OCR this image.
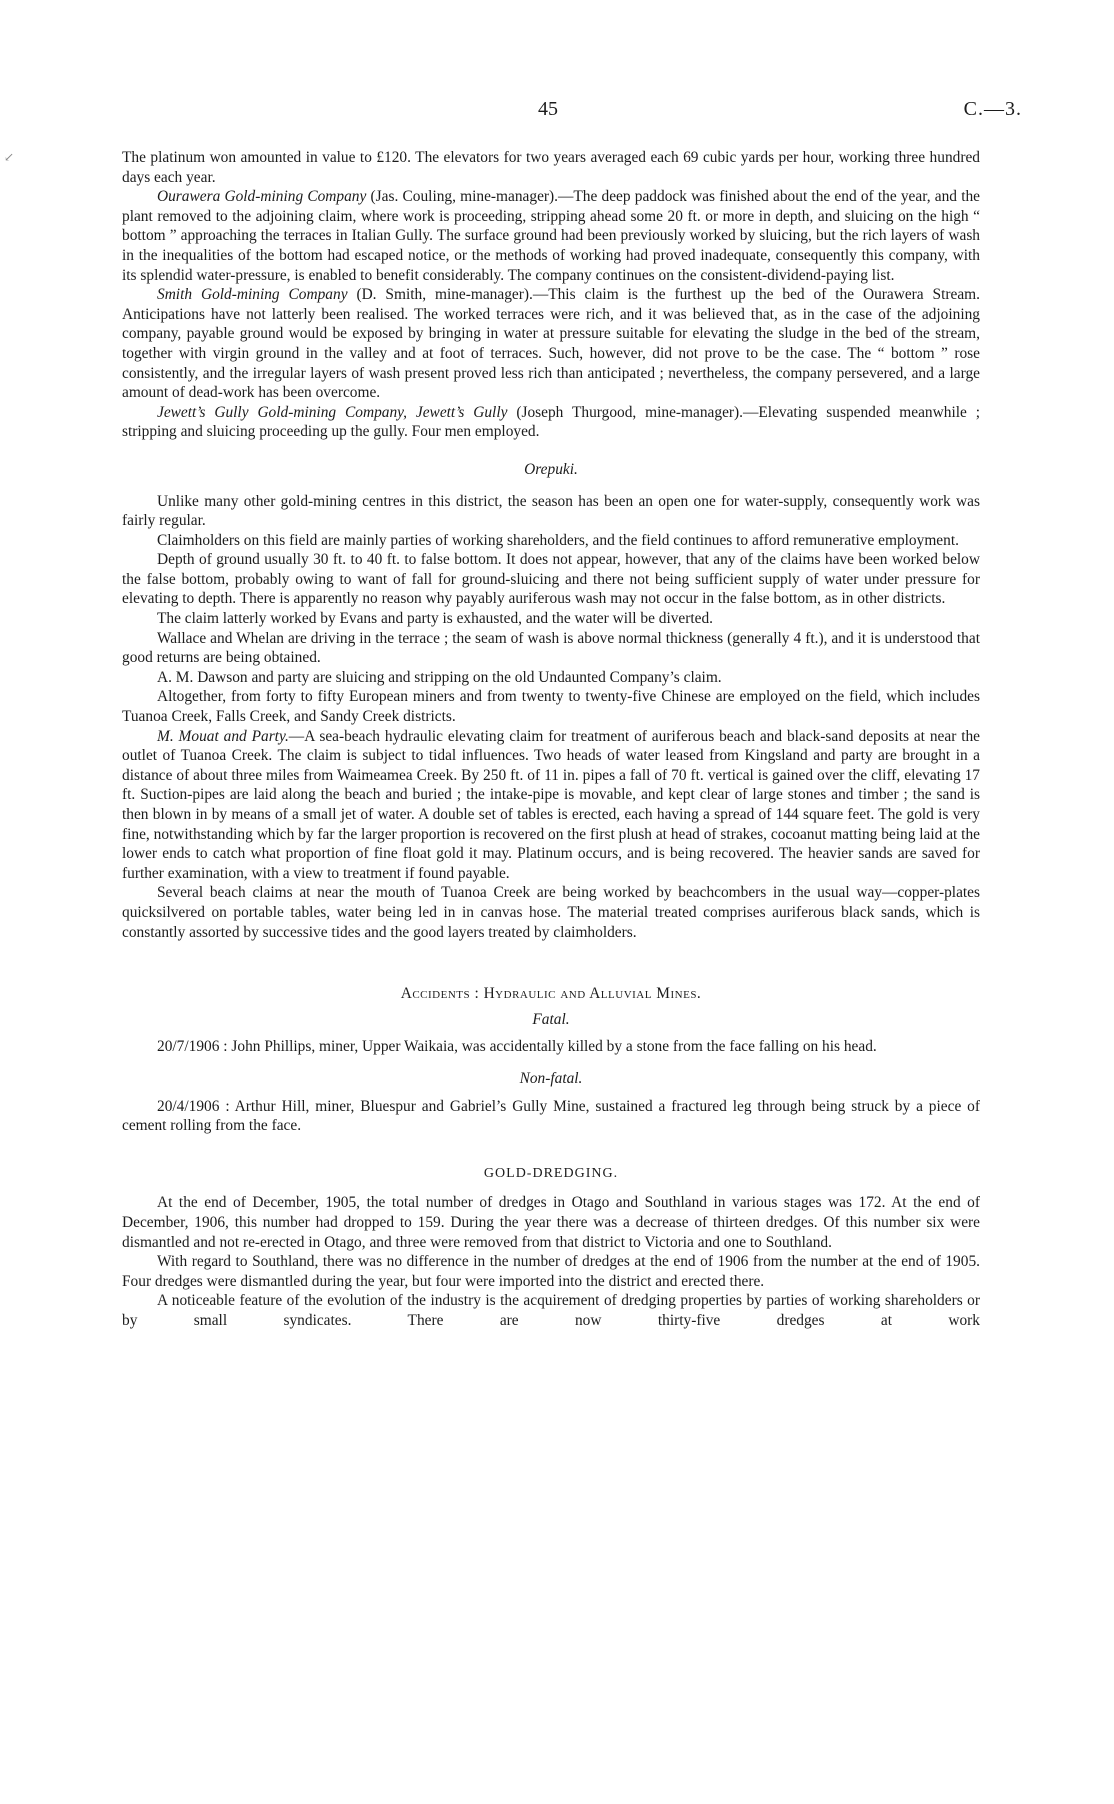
45	C.—3.
↙	The platinum won amounted in value to £120. The elevators for two years averaged each 69 cubic yards per hour, working three hundred days each year.

Ourawera Gold-mining Company (Jas. Couling, mine-manager).—The deep paddock was finished about the end of the year, and the plant removed to the adjoining claim, where work is proceeding, stripping ahead some 20 ft. or more in depth, and sluicing on the high “ bottom ” approaching the terraces in Italian Gully. The surface ground had been previously worked by sluicing, but the rich layers of wash in the inequalities of the bottom had escaped notice, or the methods of working had proved inadequate, consequently this company, with its splendid water-pressure, is enabled to benefit considerably. The company continues on the consistent-dividend-paying list.

Smith Gold-mining Company (D. Smith, mine-manager).—This claim is the furthest up the bed of the Ourawera Stream. Anticipations have not latterly been realised. The worked terraces were rich, and it was believed that, as in the case of the adjoining company, payable ground would be exposed by bringing in water at pressure suitable for elevating the sludge in the bed of the stream, together with virgin ground in the valley and at foot of terraces. Such, however, did not prove to be the case. The “ bottom ” rose consistently, and the irregular layers of wash present proved less rich than anticipated ; nevertheless, the company persevered, and a large amount of dead-work has been overcome.

Jewett’s Gully Gold-mining Company, Jewett’s Gully (Joseph Thurgood, mine-manager).—Elevating suspended meanwhile ; stripping and sluicing proceeding up the gully. Four men employed.

Orepuki.

Unlike many other gold-mining centres in this district, the season has been an open one for water-supply, consequently work was fairly regular.

Claimholders on this field are mainly parties of working shareholders, and the field continues to afford remunerative employment.

Depth of ground usually 30 ft. to 40 ft. to false bottom. It does not appear, however, that any of the claims have been worked below the false bottom, probably owing to want of fall for ground-sluicing and there not being sufficient supply of water under pressure for elevating to depth. There is apparently no reason why payably auriferous wash may not occur in the false bottom, as in other districts.

The claim latterly worked by Evans and party is exhausted, and the water will be diverted.

Wallace and Whelan are driving in the terrace ; the seam of wash is above normal thickness (generally 4 ft.), and it is understood that good returns are being obtained.

A. M. Dawson and party are sluicing and stripping on the old Undaunted Company’s claim.

Altogether, from forty to fifty European miners and from twenty to twenty-five Chinese are employed on the field, which includes Tuanoa Creek, Falls Creek, and Sandy Creek districts.

M. Mouat and Party.—A sea-beach hydraulic elevating claim for treatment of auriferous beach and black-sand deposits at near the outlet of Tuanoa Creek. The claim is subject to tidal influences. Two heads of water leased from Kingsland and party are brought in a distance of about three miles from Waimeamea Creek. By 250 ft. of 11 in. pipes a fall of 70 ft. vertical is gained over the cliff, elevating 17 ft. Suction-pipes are laid along the beach and buried ; the intake-pipe is movable, and kept clear of large stones and timber ; the sand is then blown in by means of a small jet of water. A double set of tables is erected, each having a spread of 144 square feet. The gold is very fine, notwithstanding which by far the larger proportion is recovered on the first plush at head of strakes, cocoanut matting being laid at the lower ends to catch what proportion of fine float gold it may. Platinum occurs, and is being recovered. The heavier sands are saved for further examination, with a view to treatment if found payable.

Several beach claims at near the mouth of Tuanoa Creek are being worked by beachcombers in the usual way—copper-plates quicksilvered on portable tables, water being led in in canvas hose. The material treated comprises auriferous black sands, which is constantly assorted by successive tides and the good layers treated by claimholders.

Accidents : Hydraulic and Alluvial Mines.

Fatal.

20/7/1906 : John Phillips, miner, Upper Waikaia, was accidentally killed by a stone from the face falling on his head.

Non-fatal.

20/4/1906 : Arthur Hill, miner, Bluespur and Gabriel’s Gully Mine, sustained a fractured leg through being struck by a piece of cement rolling from the face.

GOLD-DREDGING.

At the end of December, 1905, the total number of dredges in Otago and Southland in various stages was 172. At the end of December, 1906, this number had dropped to 159. During the year there was a decrease of thirteen dredges. Of this number six were dismantled and not re-erected in Otago, and three were removed from that district to Victoria and one to Southland.

With regard to Southland, there was no difference in the number of dredges at the end of 1906 from the number at the end of 1905. Four dredges were dismantled during the year, but four were imported into the district and erected there.

A noticeable feature of the evolution of the industry is the acquirement of dredging properties by parties of working shareholders or by small syndicates. There are now thirty-five dredges at work
